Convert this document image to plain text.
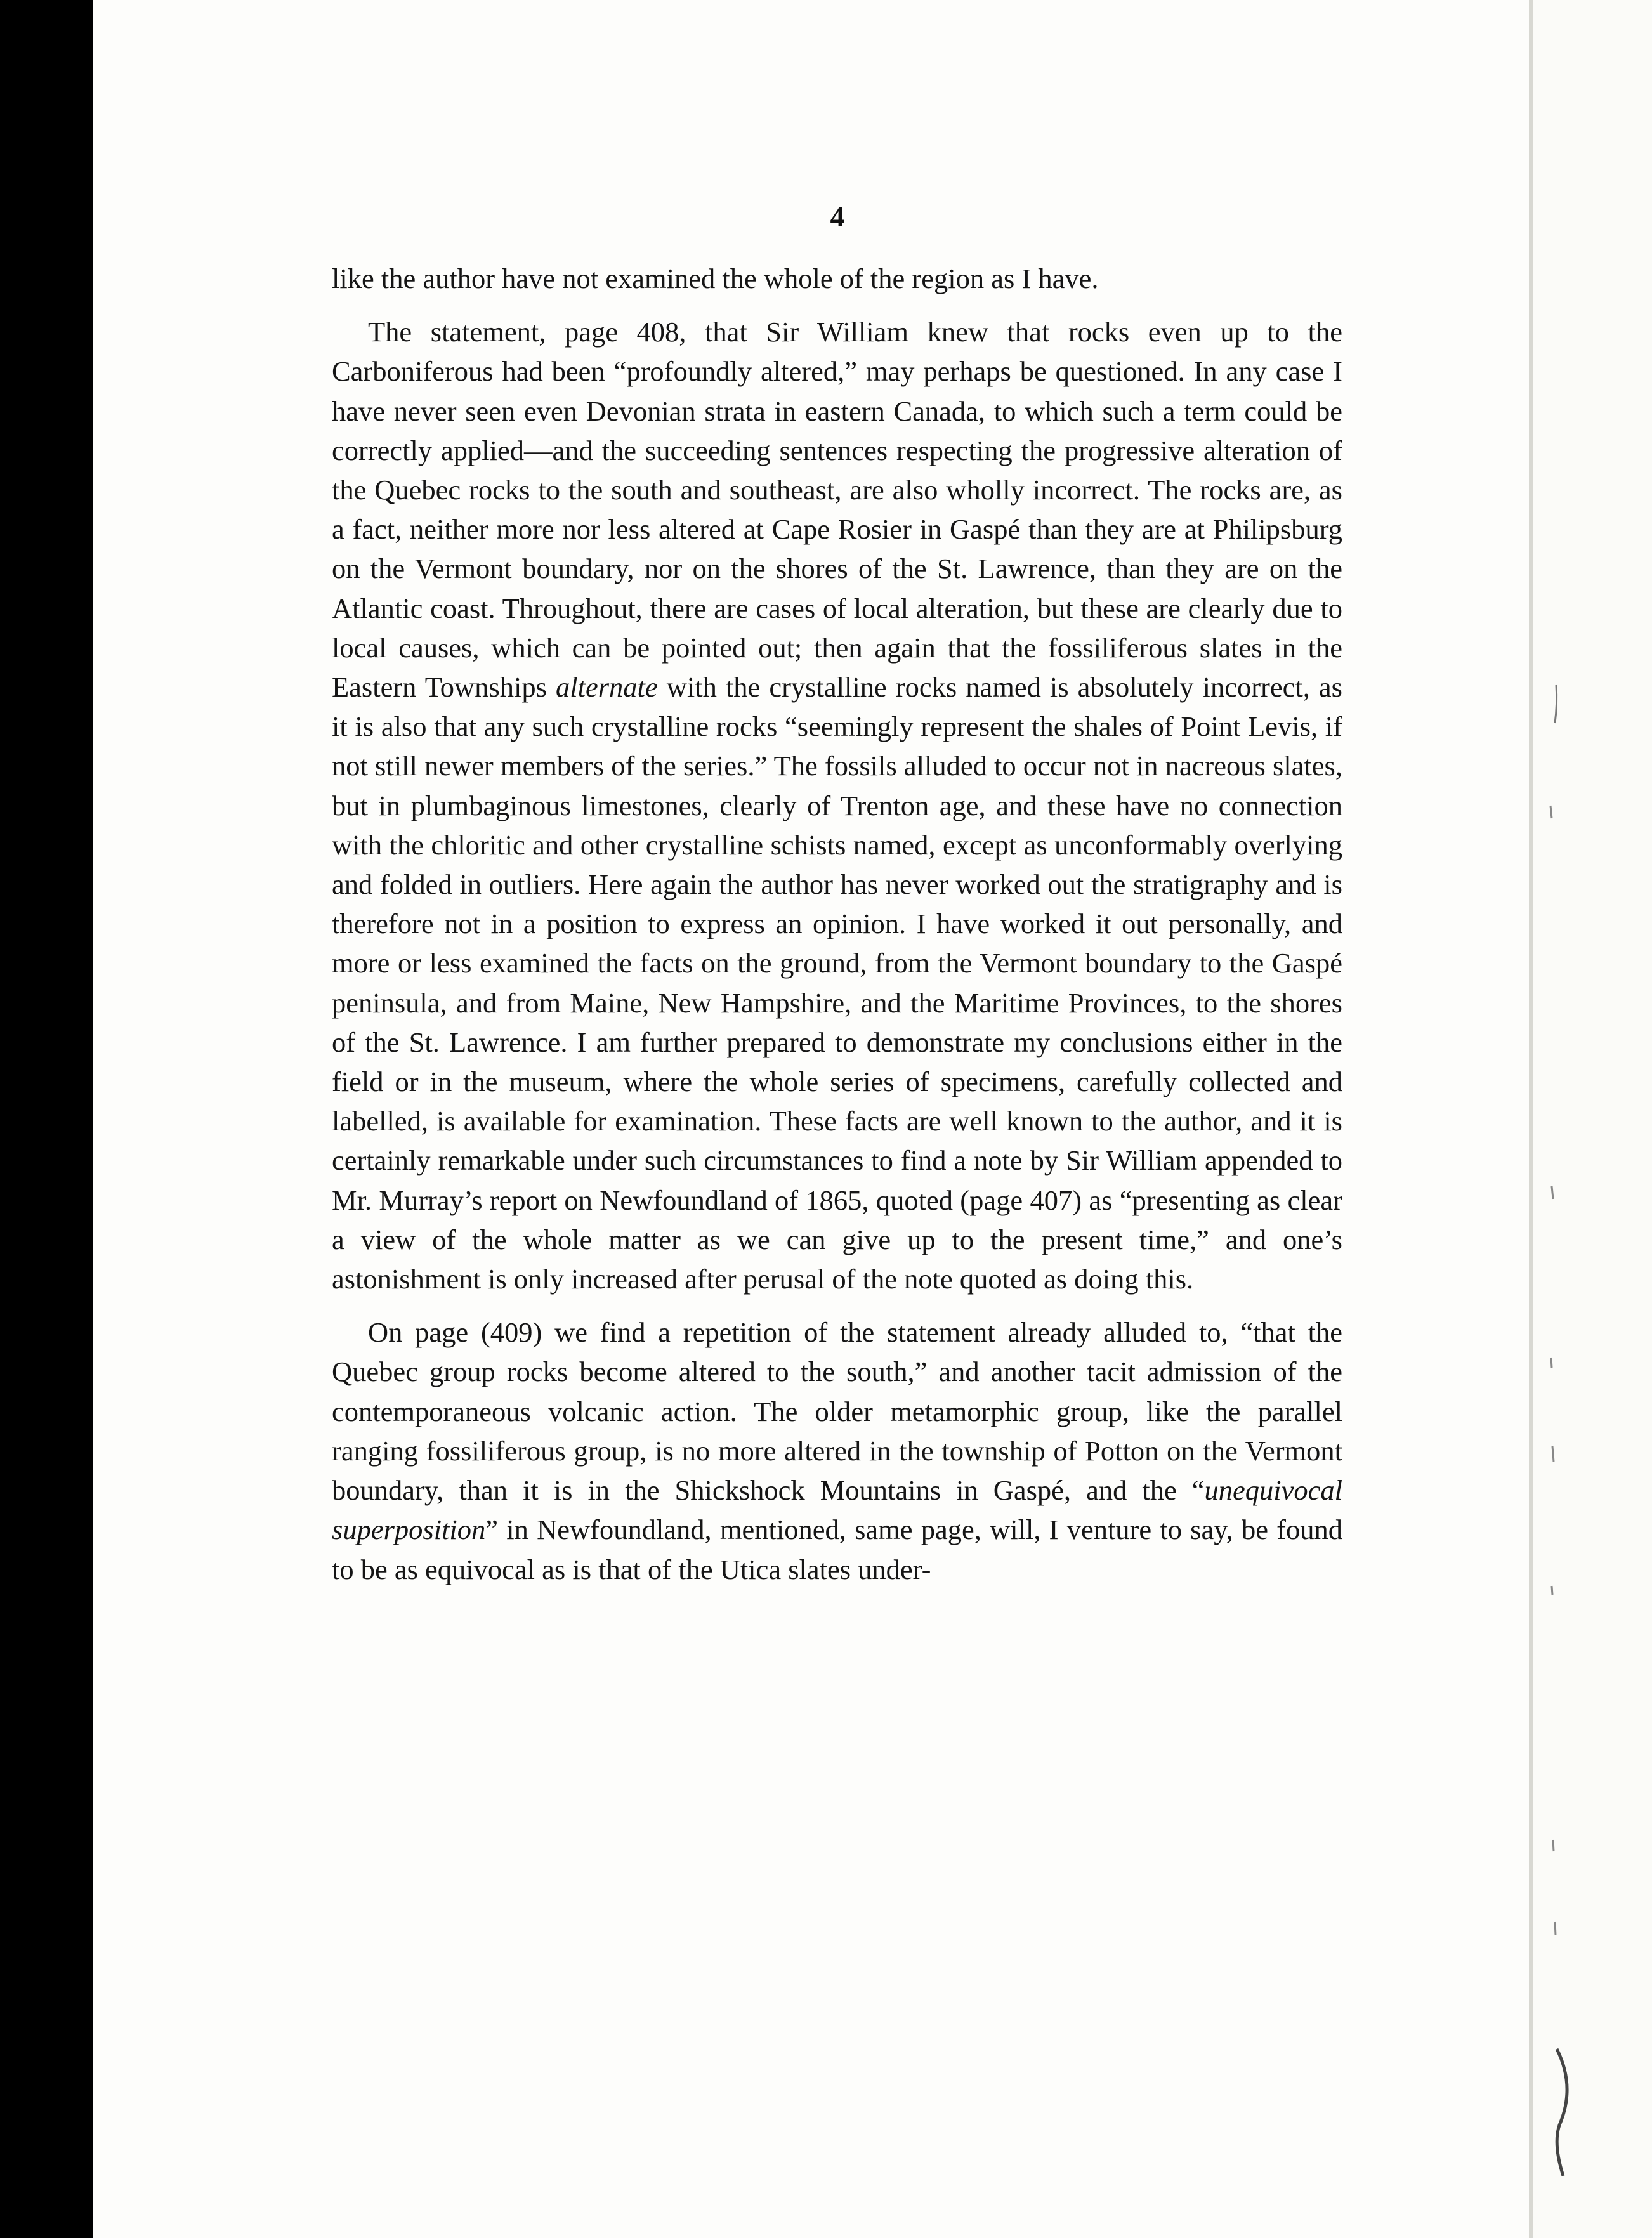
4

like the author have not examined the whole of the region as I have.

The statement, page 408, that Sir William knew that rocks even up to the Carboniferous had been “profoundly altered,” may perhaps be questioned. In any case I have never seen even Devonian strata in eastern Canada, to which such a term could be correctly applied—and the succeeding sentences respecting the progressive alteration of the Quebec rocks to the south and southeast, are also wholly incorrect. The rocks are, as a fact, neither more nor less altered at Cape Rosier in Gaspé than they are at Philipsburg on the Vermont boundary, nor on the shores of the St. Lawrence, than they are on the Atlantic coast. Throughout, there are cases of local alteration, but these are clearly due to local causes, which can be pointed out; then again that the fossiliferous slates in the Eastern Townships alternate with the crystalline rocks named is absolutely incorrect, as it is also that any such crystalline rocks “seemingly represent the shales of Point Levis, if not still newer members of the series.” The fossils alluded to occur not in nacreous slates, but in plumbaginous limestones, clearly of Trenton age, and these have no connection with the chloritic and other crystalline schists named, except as unconformably overlying and folded in outliers. Here again the author has never worked out the stratigraphy and is therefore not in a position to express an opinion. I have worked it out personally, and more or less examined the facts on the ground, from the Vermont boundary to the Gaspé peninsula, and from Maine, New Hampshire, and the Maritime Provinces, to the shores of the St. Lawrence. I am further prepared to demonstrate my conclusions either in the field or in the museum, where the whole series of specimens, carefully collected and labelled, is available for examination. These facts are well known to the author, and it is certainly remarkable under such circumstances to find a note by Sir William appended to Mr. Murray’s report on Newfoundland of 1865, quoted (page 407) as “presenting as clear a view of the whole matter as we can give up to the present time,” and one’s astonishment is only increased after perusal of the note quoted as doing this.

On page (409) we find a repetition of the statement already alluded to, “that the Quebec group rocks become altered to the south,” and another tacit admission of the contemporaneous volcanic action. The older metamorphic group, like the parallel ranging fossiliferous group, is no more altered in the township of Potton on the Vermont boundary, than it is in the Shickshock Mountains in Gaspé, and the “unequivocal superposition” in Newfoundland, mentioned, same page, will, I venture to say, be found to be as equivocal as is that of the Utica slates under-
